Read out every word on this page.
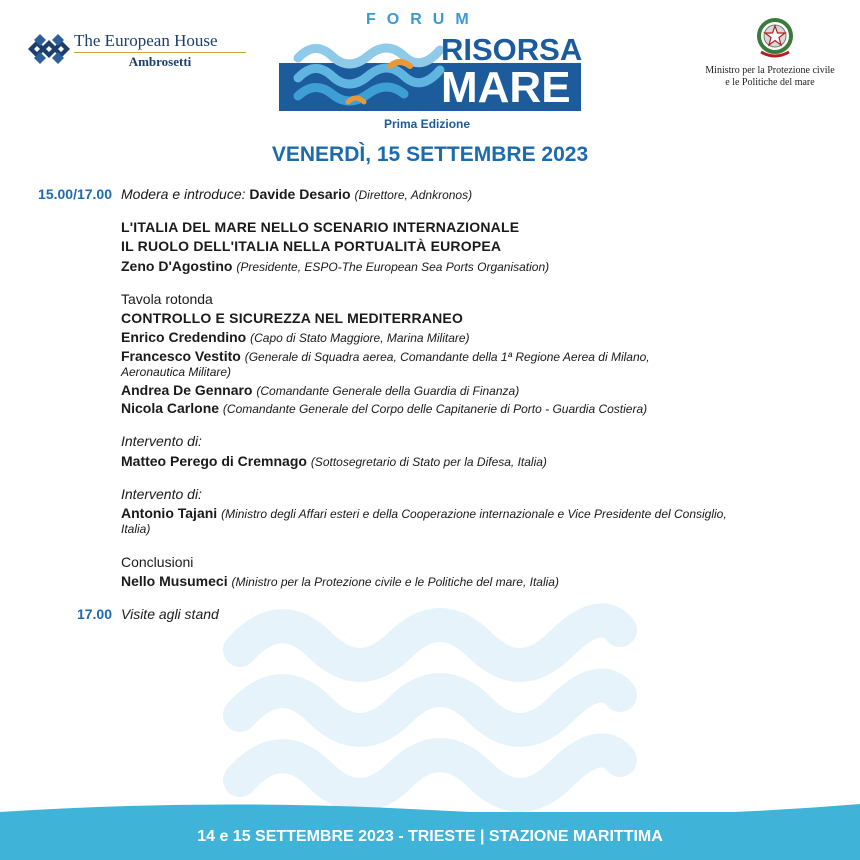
The European House
Ambrosetti
FORUM
RISORSA
MARE
Prima Edizione
Ministro per la Protezione civile
e le Politiche del mare
VENERDÌ, 15 SETTEMBRE 2023
15.00/17.00 Modera e introduce: Davide Desario (Direttore, Adnkronos)
L'ITALIA DEL MARE NELLO SCENARIO INTERNAZIONALE
IL RUOLO DELL'ITALIA NELLA PORTUALITÀ EUROPEA
Zeno D'Agostino (Presidente, ESPO-The European Sea Ports Organisation)
Tavola rotonda
CONTROLLO E SICUREZZA NEL MEDITERRANEO
Enrico Credendino (Capo di Stato Maggiore, Marina Militare)
Francesco Vestito (Generale di Squadra aerea, Comandante della 1ª Regione Aerea di Milano,
Aeronautica Militare)
Andrea De Gennaro (Comandante Generale della Guardia di Finanza)
Nicola Carlone (Comandante Generale del Corpo delle Capitanerie di Porto - Guardia Costiera)
Intervento di:
Matteo Perego di Cremnago (Sottosegretario di Stato per la Difesa, Italia)
Intervento di:
Antonio Tajani (Ministro degli Affari esteri e della Cooperazione internazionale e Vice Presidente del Consiglio,
Italia)
Conclusioni
Nello Musumeci (Ministro per la Protezione civile e le Politiche del mare, Italia)
17.00 Visite agli stand
14 e 15 SETTEMBRE 2023 - TRIESTE | STAZIONE MARITTIMA
